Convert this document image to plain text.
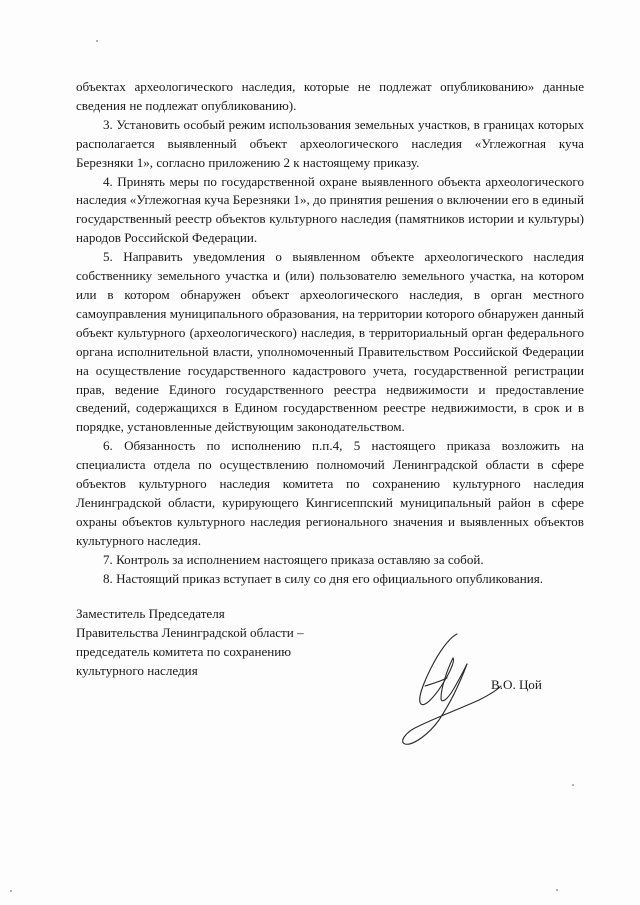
объектах археологического наследия, которые не подлежат опубликованию» данные сведения не подлежат опубликованию).

3. Установить особый режим использования земельных участков, в границах которых располагается выявленный объект археологического наследия «Углежогная куча Березняки 1», согласно приложению 2 к настоящему приказу.

4. Принять меры по государственной охране выявленного объекта археологического наследия «Углежогная куча Березняки 1», до принятия решения о включении его в единый государственный реестр объектов культурного наследия (памятников истории и культуры) народов Российской Федерации.

5. Направить уведомления о выявленном объекте археологического наследия собственнику земельного участка и (или) пользователю земельного участка, на котором или в котором обнаружен объект археологического наследия, в орган местного самоуправления муниципального образования, на территории которого обнаружен данный объект культурного (археологического) наследия, в территориальный орган федерального органа исполнительной власти, уполномоченный Правительством Российской Федерации на осуществление государственного кадастрового учета, государственной регистрации прав, ведение Единого государственного реестра недвижимости и предоставление сведений, содержащихся в Едином государственном реестре недвижимости, в срок и в порядке, установленные действующим законодательством.

6. Обязанность по исполнению п.п.4, 5 настоящего приказа возложить на специалиста отдела по осуществлению полномочий Ленинградской области в сфере объектов культурного наследия комитета по сохранению культурного наследия Ленинградской области, курирующего Кингисеппский муниципальный район в сфере охраны объектов культурного наследия регионального значения и выявленных объектов культурного наследия.

7. Контроль за исполнением настоящего приказа оставляю за собой.

8. Настоящий приказ вступает в силу со дня его официального опубликования.

Заместитель Председателя
Правительства Ленинградской области –
председатель комитета по сохранению
культурного наследия
В.О. Цой
